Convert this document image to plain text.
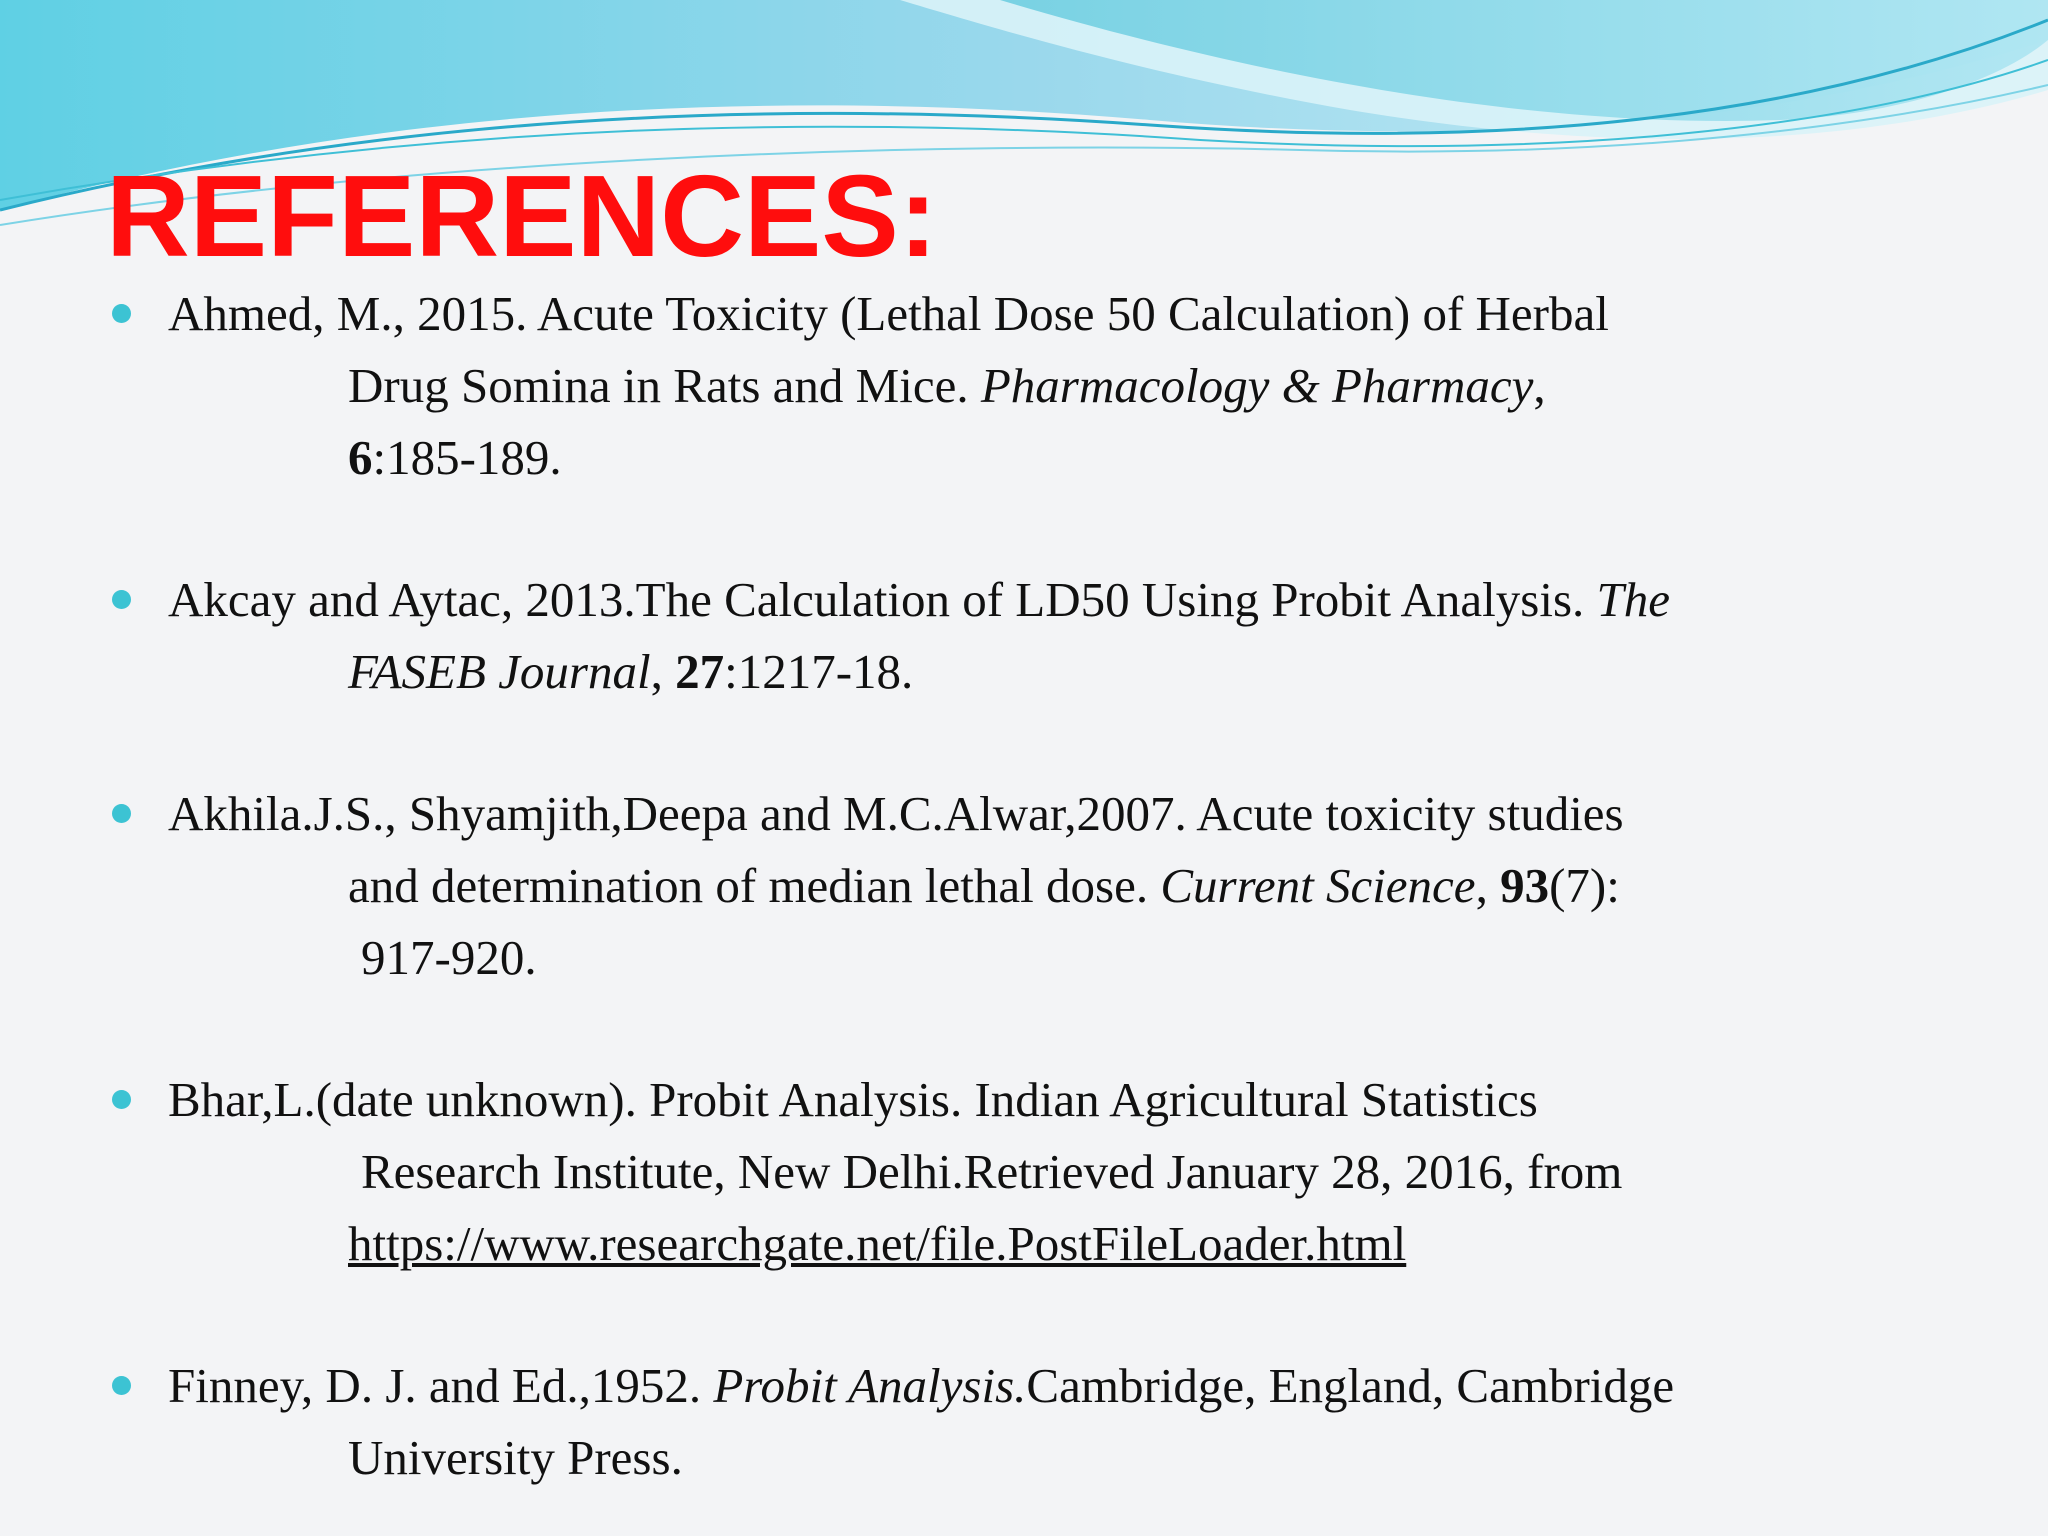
REFERENCES:
Ahmed, M., 2015. Acute Toxicity (Lethal Dose 50 Calculation) of Herbal
Drug Somina in Rats and Mice. Pharmacology & Pharmacy,
6:185-189.
Akcay and Aytac, 2013.The Calculation of LD50 Using Probit Analysis. The
FASEB Journal, 27:1217-18.
Akhila.J.S., Shyamjith,Deepa and M.C.Alwar,2007. Acute toxicity studies
and determination of median lethal dose. Current Science, 93(7):
917-920.
Bhar,L.(date unknown). Probit Analysis. Indian Agricultural Statistics
Research Institute, New Delhi.Retrieved January 28, 2016, from
https://www.researchgate.net/file.PostFileLoader.html
Finney, D. J. and Ed.,1952. Probit Analysis.Cambridge, England, Cambridge
University Press.
